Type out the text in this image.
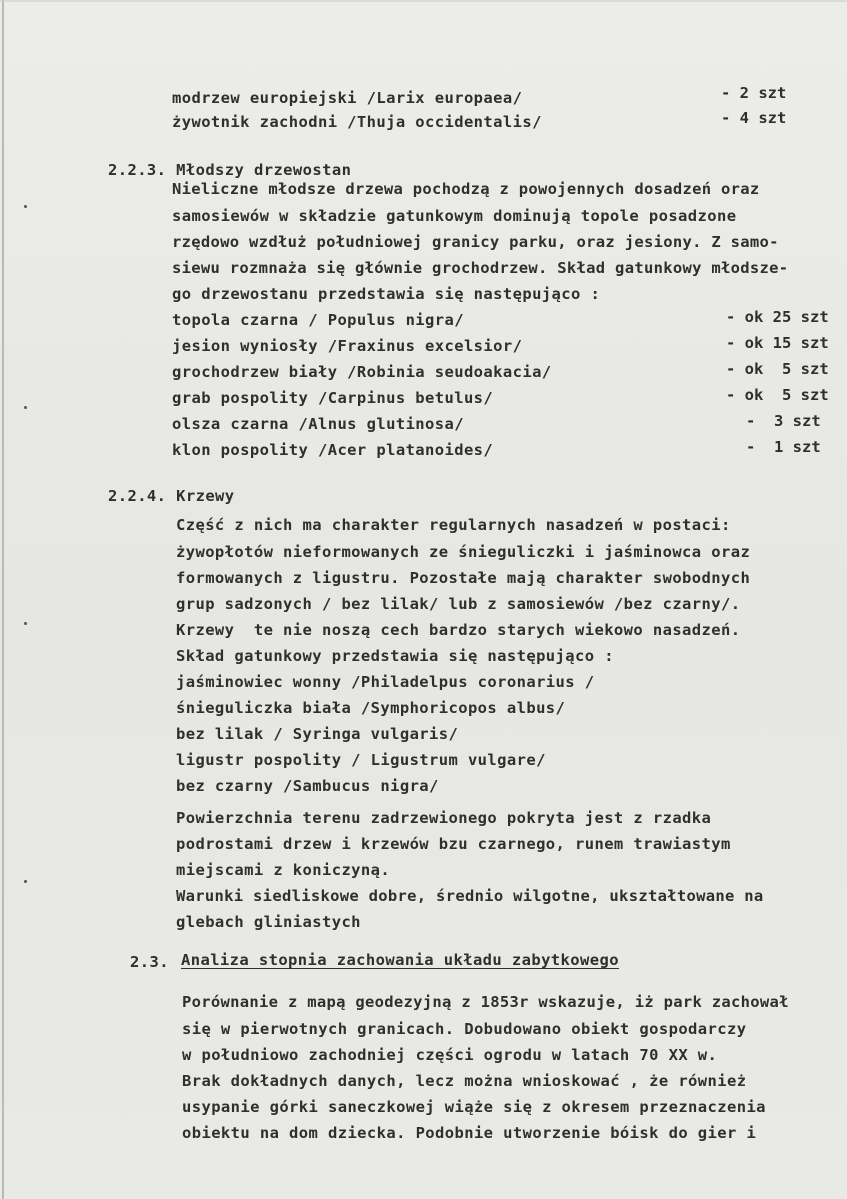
modrzew europiejski /Larix europaea/	- 2 szt
żywotnik zachodni /Thuja occidentalis/	- 4 szt
2.2.3. Młodszy drzewostan
Nieliczne młodsze drzewa pochodzą z powojennych dosadzeń oraz
samosiewów w składzie gatunkowym dominują topole posadzone
rzędowo wzdłuż południowej granicy parku, oraz jesiony. Z samo-
siewu rozmnaża się głównie grochodrzew. Skład gatunkowy młodsze-
go drzewostanu przedstawia się następująco :
topola czarna / Populus nigra/	- ok 25 szt
jesion wyniosły /Fraxinus excelsior/	- ok 15 szt
grochodrzew biały /Robinia seudoakacia/	- ok  5 szt
grab pospolity /Carpinus betulus/	- ok  5 szt
olsza czarna /Alnus glutinosa/	-  3 szt
klon pospolity /Acer platanoides/	-  1 szt
2.2.4. Krzewy
Część z nich ma charakter regularnych nasadzeń w postaci:
żywopłotów nieformowanych ze śnieguliczki i jaśminowca oraz
formowanych z ligustru. Pozostałe mają charakter swobodnych
grup sadzonych / bez lilak/ lub z samosiewów /bez czarny/.
Krzewy  te nie noszą cech bardzo starych wiekowo nasadzeń.
Skład gatunkowy przedstawia się następująco :
jaśminowiec wonny /Philadelpus coronarius /
śnieguliczka biała /Symphoricopos albus/
bez lilak / Syringa vulgaris/
ligustr pospolity / Ligustrum vulgare/
bez czarny /Sambucus nigra/
Powierzchnia terenu zadrzewionego pokryta jest z rzadka
podrostami drzew i krzewów bzu czarnego, runem trawiastym
miejscami z koniczyną.
Warunki siedliskowe dobre, średnio wilgotne, ukształtowane na
glebach gliniastych
2.3. Analiza stopnia zachowania układu zabytkowego
Porównanie z mapą geodezyjną z 1853r wskazuje, iż park zachował
się w pierwotnych granicach. Dobudowano obiekt gospodarczy
w południowo zachodniej części ogrodu w latach 70 XX w.
Brak dokładnych danych, lecz można wnioskować , że również
usypanie górki saneczkowej wiąże się z okresem przeznaczenia
obiektu na dom dziecka. Podobnie utworzenie bóisk do gier i
